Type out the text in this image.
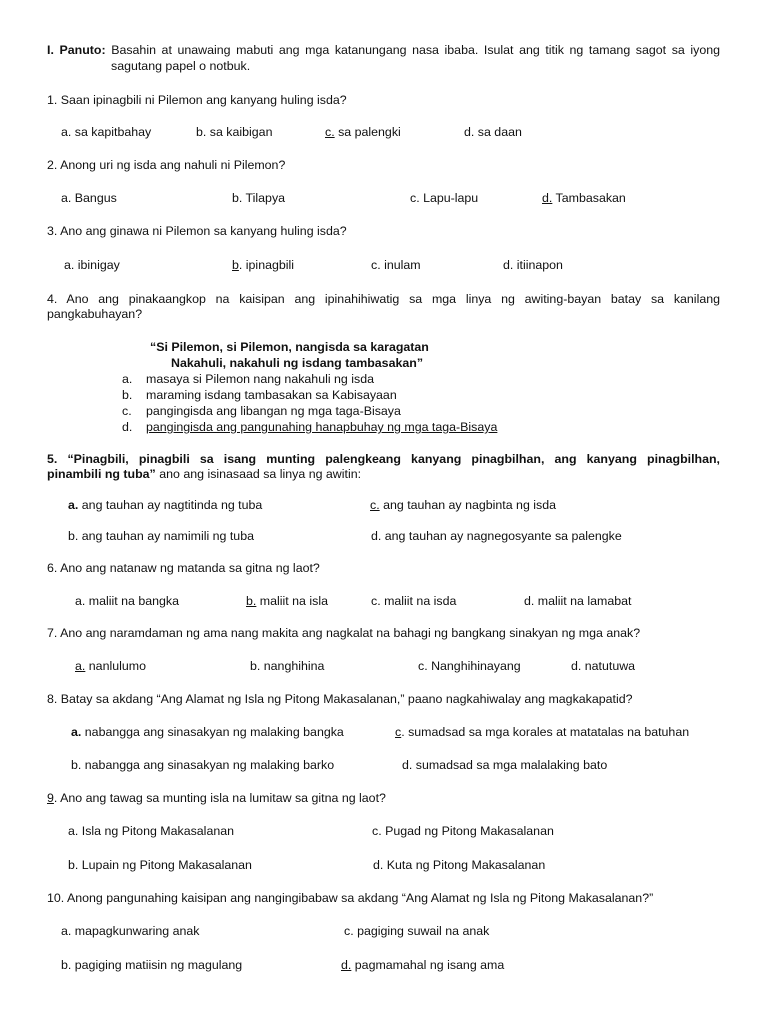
I. Panuto: Basahin at unawaing mabuti ang mga katanungang nasa ibaba. Isulat ang titik ng tamang sagot sa iyong
sagutang papel o notbuk.
1. Saan ipinagbili ni Pilemon ang kanyang huling isda?
a. sa kapitbahay	b. sa kaibigan	c. sa palengki	d. sa daan
2. Anong uri ng isda ang nahuli ni Pilemon?
a. Bangus	b. Tilapya	c. Lapu-lapu	d. Tambasakan
3. Ano ang ginawa ni Pilemon sa kanyang huling isda?
a. ibinigay	b. ipinagbili	c. inulam	d. itiinapon
4. Ano ang pinakaangkop na kaisipan ang ipinahihiwatig sa mga linya ng awiting-bayan batay sa kanilang
pangkabuhayan?
“Si Pilemon, si Pilemon, nangisda sa karagatan
Nakahuli, nakahuli ng isdang tambasakan”
a. masaya si Pilemon nang nakahuli ng isda
b. maraming isdang tambasakan sa Kabisayaan
c. pangingisda ang libangan ng mga taga-Bisaya
d. pangingisda ang pangunahing hanapbuhay ng mga taga-Bisaya
5. “Pinagbili, pinagbili sa isang munting palengkeang kanyang pinagbilhan, ang kanyang pinagbilhan,
pinambili ng tuba” ano ang isinasaad sa linya ng awitin:
a. ang tauhan ay nagtitinda ng tuba	c. ang tauhan ay nagbinta ng isda
b. ang tauhan ay namimili ng tuba	d. ang tauhan ay nagnegosyante sa palengke
6. Ano ang natanaw ng matanda sa gitna ng laot?
a. maliit na bangka	b. maliit na isla	c. maliit na isda	d. maliit na lamabat
7. Ano ang naramdaman ng ama nang makita ang nagkalat na bahagi ng bangkang sinakyan ng mga anak?
a. nanlulumo	b. nanghihina	c. Nanghihinayang	d. natutuwa
8. Batay sa akdang “Ang Alamat ng Isla ng Pitong Makasalanan,” paano nagkahiwalay ang magkakapatid?
a. nabangga ang sinasakyan ng malaking bangka	c. sumadsad sa mga korales at matatalas na batuhan
b. nabangga ang sinasakyan ng malaking barko	d. sumadsad sa mga malalaking bato
9. Ano ang tawag sa munting isla na lumitaw sa gitna ng laot?
a. Isla ng Pitong Makasalanan	c. Pugad ng Pitong Makasalanan
b. Lupain ng Pitong Makasalanan	d. Kuta ng Pitong Makasalanan
10. Anong pangunahing kaisipan ang nangingibabaw sa akdang “Ang Alamat ng Isla ng Pitong Makasalanan?”
a. mapagkunwaring anak	c. pagiging suwail na anak
b. pagiging matiisin ng magulang	d. pagmamahal ng isang ama
